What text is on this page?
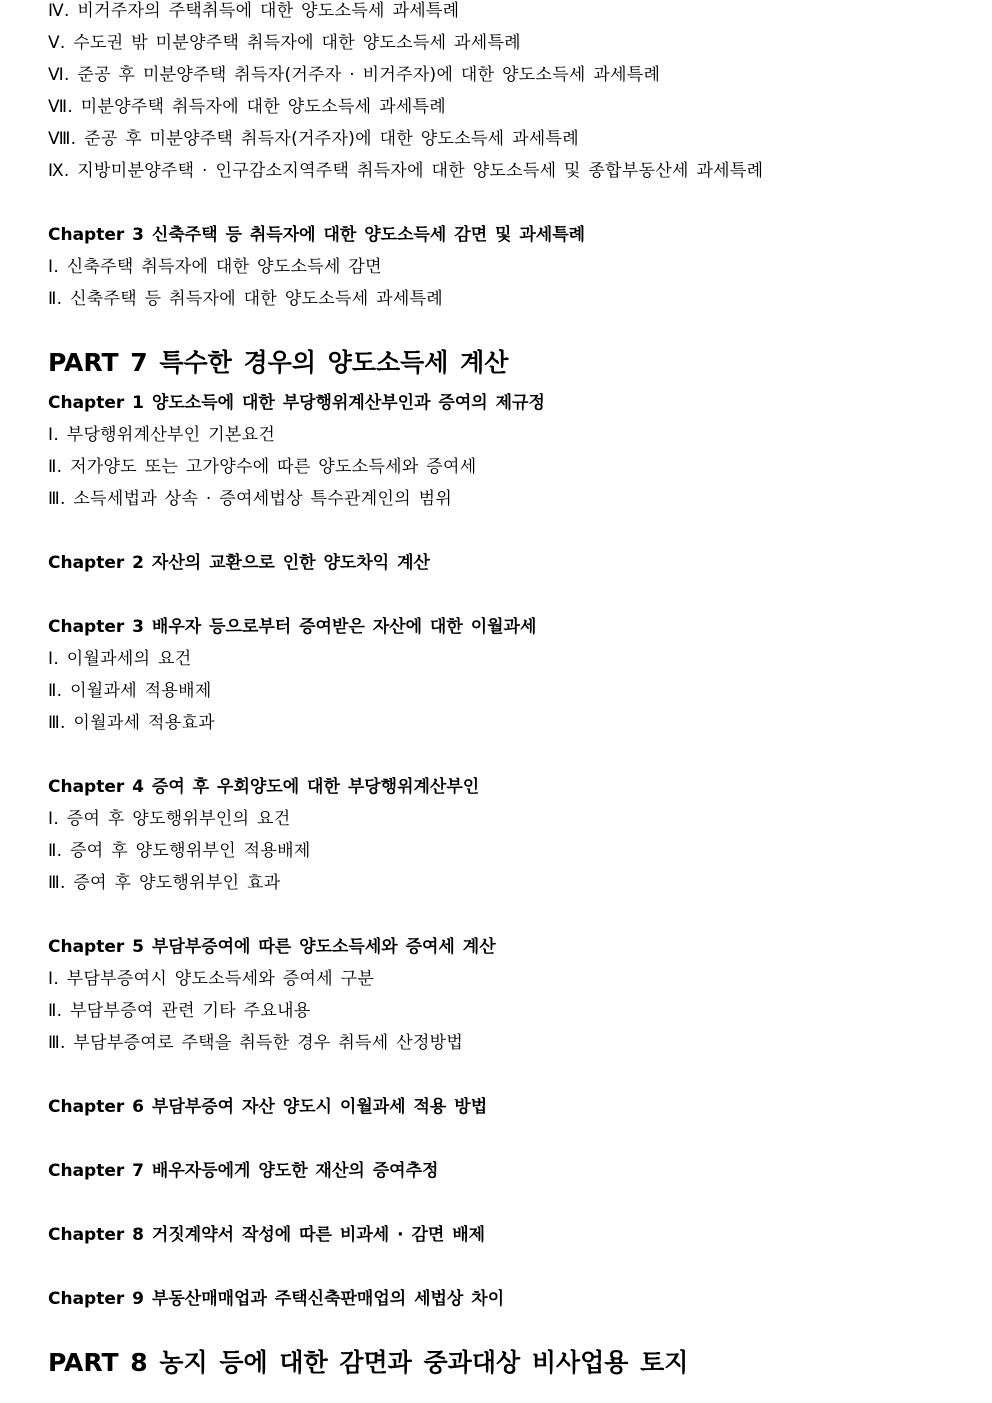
Ⅳ. 비거주자의 주택취득에 대한 양도소득세 과세특례
Ⅴ. 수도권 밖 미분양주택 취득자에 대한 양도소득세 과세특례
Ⅵ. 준공 후 미분양주택 취득자(거주자 · 비거주자)에 대한 양도소득세 과세특례
Ⅶ. 미분양주택 취득자에 대한 양도소득세 과세특례
Ⅷ. 준공 후 미분양주택 취득자(거주자)에 대한 양도소득세 과세특례
Ⅸ. 지방미분양주택 · 인구감소지역주택 취득자에 대한 양도소득세 및 종합부동산세 과세특례
Chapter 3 신축주택 등 취득자에 대한 양도소득세 감면 및 과세특례
Ⅰ. 신축주택 취득자에 대한 양도소득세 감면
Ⅱ. 신축주택 등 취득자에 대한 양도소득세 과세특례
PART 7 특수한 경우의 양도소득세 계산
Chapter 1 양도소득에 대한 부당행위계산부인과 증여의 제규정
Ⅰ. 부당행위계산부인 기본요건
Ⅱ. 저가양도 또는 고가양수에 따른 양도소득세와 증여세
Ⅲ. 소득세법과 상속 · 증여세법상 특수관계인의 범위
Chapter 2 자산의 교환으로 인한 양도차익 계산
Chapter 3 배우자 등으로부터 증여받은 자산에 대한 이월과세
Ⅰ. 이월과세의 요건
Ⅱ. 이월과세 적용배제
Ⅲ. 이월과세 적용효과
Chapter 4 증여 후 우회양도에 대한 부당행위계산부인
Ⅰ. 증여 후 양도행위부인의 요건
Ⅱ. 증여 후 양도행위부인 적용배제
Ⅲ. 증여 후 양도행위부인 효과
Chapter 5 부담부증여에 따른 양도소득세와 증여세 계산
Ⅰ. 부담부증여시 양도소득세와 증여세 구분
Ⅱ. 부담부증여 관련 기타 주요내용
Ⅲ. 부담부증여로 주택을 취득한 경우 취득세 산정방법
Chapter 6 부담부증여 자산 양도시 이월과세 적용 방법
Chapter 7 배우자등에게 양도한 재산의 증여추정
Chapter 8 거짓계약서 작성에 따른 비과세 · 감면 배제
Chapter 9 부동산매매업과 주택신축판매업의 세법상 차이
PART 8 농지 등에 대한 감면과 중과대상 비사업용 토지
